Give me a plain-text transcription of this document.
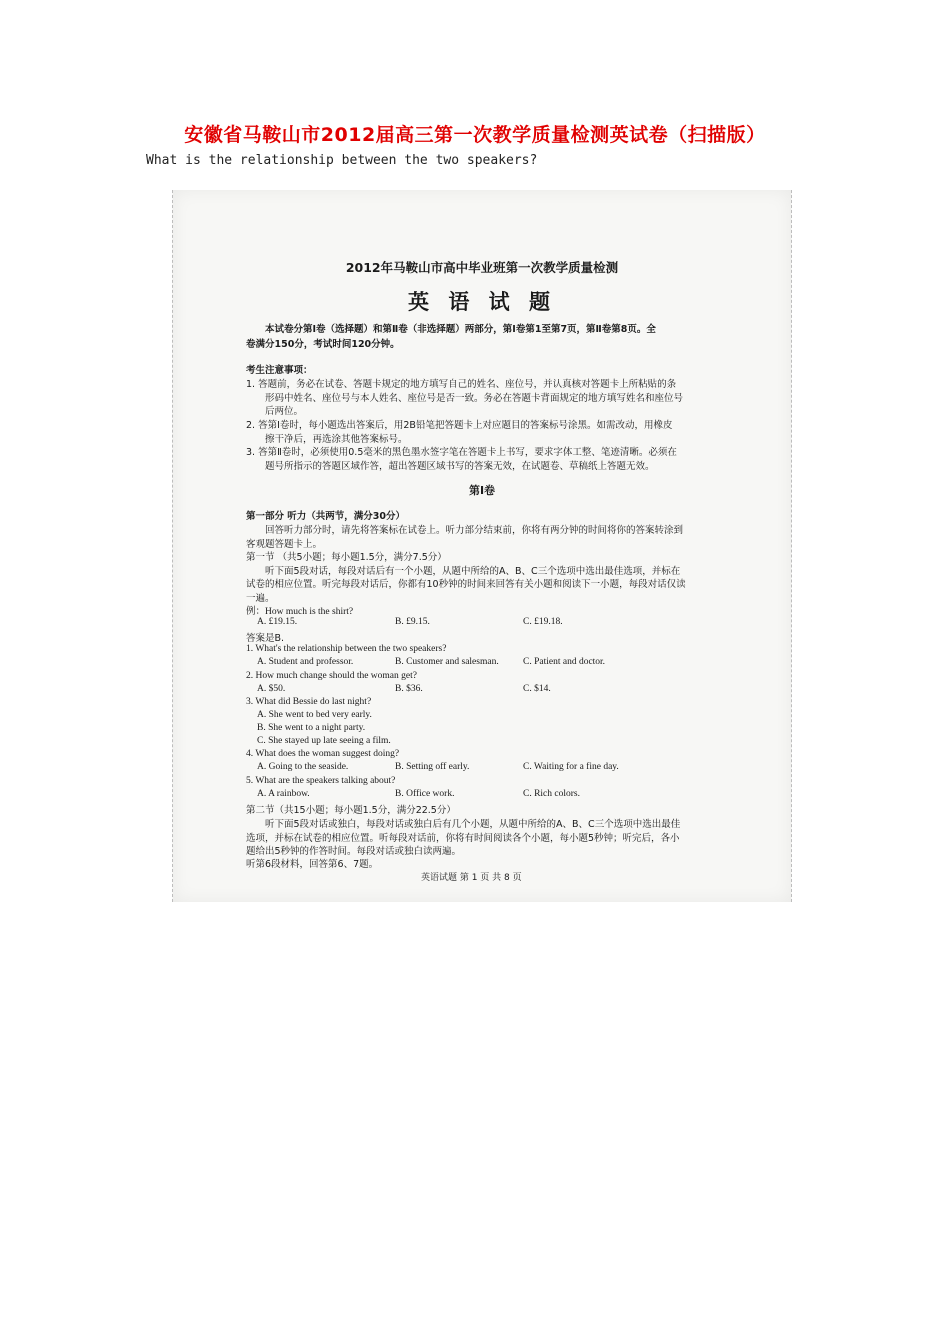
安徽省马鞍山市2012届高三第一次教学质量检测英试卷（扫描版）
What is the relationship between the two speakers?
2012年马鞍山市高中毕业班第一次教学质量检测
英 语 试 题
本试卷分第Ⅰ卷（选择题）和第Ⅱ卷（非选择题）两部分，第Ⅰ卷第1至第7页，第Ⅱ卷第8页。全
卷满分150分，考试时间120分钟。
考生注意事项：
1. 答题前，务必在试卷、答题卡规定的地方填写自己的姓名、座位号，并认真核对答题卡上所粘贴的条
形码中姓名、座位号与本人姓名、座位号是否一致。务必在答题卡背面规定的地方填写姓名和座位号
后两位。
2. 答第Ⅰ卷时，每小题选出答案后，用2B铅笔把答题卡上对应题目的答案标号涂黑。如需改动，用橡皮
擦干净后，再选涂其他答案标号。
3. 答第Ⅱ卷时，必须使用0.5毫米的黑色墨水签字笔在答题卡上书写，要求字体工整、笔迹清晰。必须在
题号所指示的答题区域作答，超出答题区域书写的答案无效，在试题卷、草稿纸上答题无效。
第Ⅰ卷
第一部分 听力（共两节，满分30分）
回答听力部分时，请先将答案标在试卷上。听力部分结束前，你将有两分钟的时间将你的答案转涂到
客观题答题卡上。
第一节 （共5小题；每小题1.5分，满分7.5分）
听下面5段对话，每段对话后有一个小题，从题中所给的A、B、C三个选项中选出最佳选项，并标在
试卷的相应位置。听完每段对话后，你都有10秒钟的时间来回答有关小题和阅读下一小题，每段对话仅读
一遍。
例：How much is the shirt?
A. £19.15.	B. £9.15.	C. £19.18.
答案是B.
1. What's the relationship between the two speakers?
A. Student and professor.	B. Customer and salesman.	C. Patient and doctor.
2. How much change should the woman get?
A. $50.	B. $36.	C. $14.
3. What did Bessie do last night?
A. She went to bed very early.
B. She went to a night party.
C. She stayed up late seeing a film.
4. What does the woman suggest doing?
A. Going to the seaside.	B. Setting off early.	C. Waiting for a fine day.
5. What are the speakers talking about?
A. A rainbow.	B. Office work.	C. Rich colors.
第二节（共15小题；每小题1.5分，满分22.5分）
听下面5段对话或独白，每段对话或独白后有几个小题，从题中所给的A、B、C三个选项中选出最佳
选项，并标在试卷的相应位置。听每段对话前，你将有时间阅读各个小题，每小题5秒钟；听完后，各小
题给出5秒钟的作答时间。每段对话或独白读两遍。
听第6段材料，回答第6、7题。
英语试题 第 1 页 共 8 页
